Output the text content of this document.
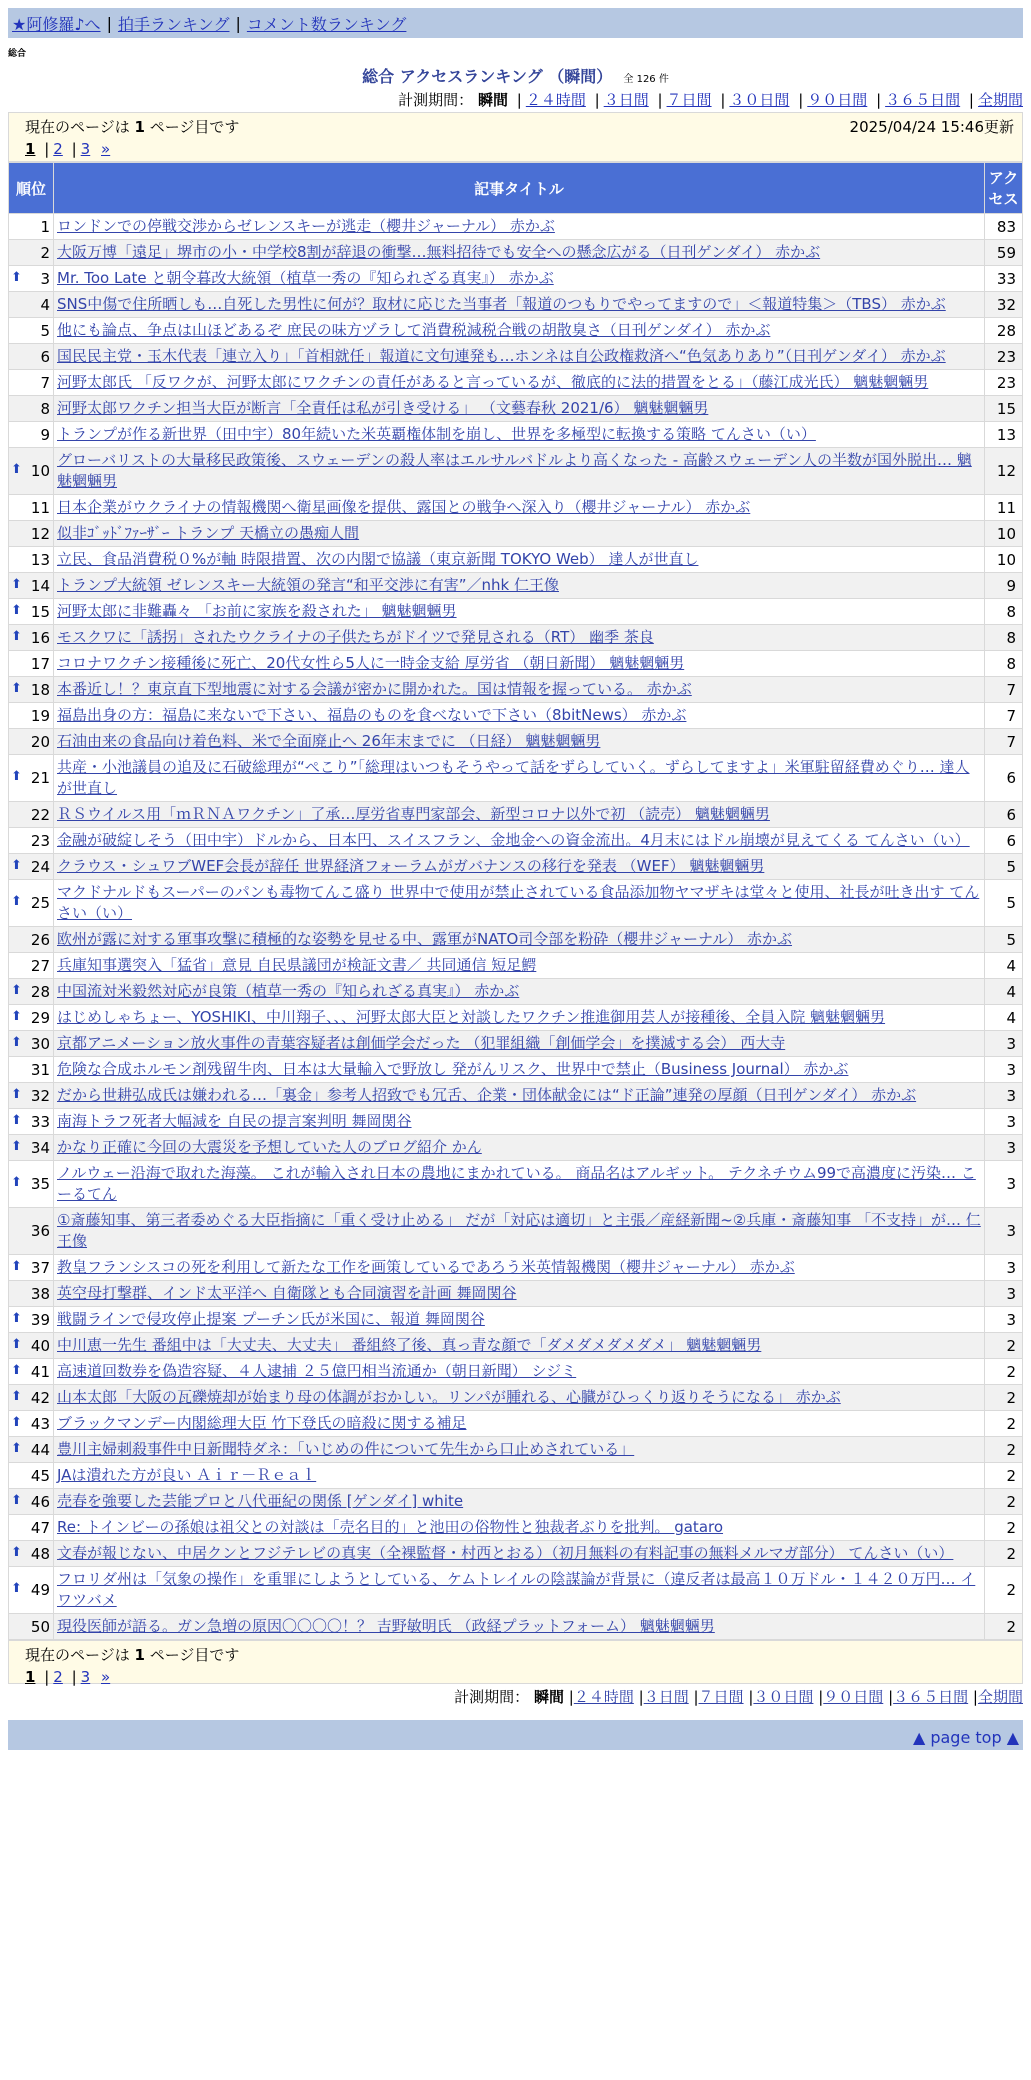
★阿修羅♪へ | 拍手ランキング | コメント数ランキング
総合
総合 アクセスランキング （瞬間） 全 126 件
計測期間： 瞬間 | ２４時間 | ３日間 | ７日間 | ３０日間 | ９０日間 | ３６５日間 | 全期間
現在のページは 1 ページ目です	2025/04/24 15:46更新
1 | 2 | 3 »
順位	記事タイトル	アクセス
1	ロンドンでの停戦交渉からゼレンスキーが逃走（櫻井ジャーナル） 赤かぶ	83
2	大阪万博「遠足」堺市の小・中学校8割が辞退の衝撃…無料招待でも安全への懸念広がる（日刊ゲンダイ） 赤かぶ	59

⬆ 3	Mr. Too Late と朝令暮改大統領（植草一秀の『知られざる真実』） 赤かぶ	33
4	SNS中傷で住所晒しも…自死した男性に何が？取材に応じた当事者「報道のつもりでやってますので」＜報道特集＞（TBS） 赤かぶ	32
5	他にも論点、争点は山ほどあるぞ 庶民の味方ヅラして消費税減税合戦の胡散臭さ（日刊ゲンダイ） 赤かぶ	28
6	国民民主党・玉木代表「連立入り」「首相就任」報道に文句連発も…ホンネは自公政権救済へ“色気ありあり”（日刊ゲンダイ） 赤かぶ	23
7	河野太郎氏 「反ワクが、河野太郎にワクチンの責任があると言っているが、徹底的に法的措置をとる」（藤江成光氏） 魑魅魍魎男	23
8	河野太郎ワクチン担当大臣が断言「全責任は私が引き受ける」 （文藝春秋 2021/6） 魑魅魍魎男	15
9	トランプが作る新世界（田中宇）80年続いた米英覇権体制を崩し、世界を多極型に転換する策略 てんさい（い）	13

⬆ 10	グローバリストの大量移民政策後、スウェーデンの殺人率はエルサルバドルより高くなった - 高齢スウェーデン人の半数が国外脱出… 魑魅魍魎男	12
11	日本企業がウクライナの情報機関へ衛星画像を提供、露国との戦争へ深入り（櫻井ジャーナル） 赤かぶ	11
12	似非ｺﾞｯﾄﾞﾌｧｰｻﾞｰ トランプ 天橋立の愚痴人間	10
13	立民、食品消費税０%が軸 時限措置、次の内閣で協議（東京新聞 TOKYO Web） 達人が世直し	10

⬆ 14	トランプ大統領 ゼレンスキー大統領の発言“和平交渉に有害”／nhk 仁王像	9

⬆ 15	河野太郎に非難轟々 「お前に家族を殺された」 魑魅魍魎男	8

⬆ 16	モスクワに「誘拐」されたウクライナの子供たちがドイツで発見される（RT） 幽季 茶良	8
17	コロナワクチン接種後に死亡、20代女性ら5人に一時金支給 厚労省 （朝日新聞） 魑魅魍魎男	8

⬆ 18	本番近し！？東京直下型地震に対する会議が密かに開かれた。国は情報を握っている。 赤かぶ	7
19	福島出身の方：福島に来ないで下さい、福島のものを食べないで下さい（8bitNews） 赤かぶ	7
20	石油由来の食品向け着色料、米で全面廃止へ 26年末までに （日経） 魑魅魍魎男	7

⬆ 21	共産・小池議員の追及に石破総理が“ぺこり”「総理はいつもそうやって話をずらしていく。ずらしてますよ」米軍駐留経費めぐり… 達人が世直し	6
22	ＲＳウイルス用「ｍＲＮＡワクチン」了承…厚労省専門家部会、新型コロナ以外で初 （読売） 魑魅魍魎男	6
23	金融が破綻しそう（田中宇）ドルから、日本円、スイスフラン、金地金への資金流出。4月末にはドル崩壊が見えてくる てんさい（い）	6

⬆ 24	クラウス・シュワブWEF会長が辞任 世界経済フォーラムがガバナンスの移行を発表 （WEF） 魑魅魍魎男	5

⬆ 25	マクドナルドもスーパーのパンも毒物てんこ盛り 世界中で使用が禁止されている食品添加物ヤマザキは堂々と使用、社長が吐き出す てんさい（い）	5
26	欧州が露に対する軍事攻撃に積極的な姿勢を見せる中、露軍がNATO司令部を粉砕（櫻井ジャーナル） 赤かぶ	5
27	兵庫知事選突入「猛省」意見 自民県議団が検証文書／ 共同通信 短足鰐	4

⬆ 28	中国流対米毅然対応が良策（植草一秀の『知られざる真実』） 赤かぶ	4

⬆ 29	はじめしゃちょー、YOSHIKI、中川翔子、、、河野太郎大臣と対談したワクチン推進御用芸人が接種後、全員入院 魑魅魍魎男	4

⬆ 30	京都アニメーション放火事件の青葉容疑者は創価学会だった （犯罪組織「創価学会」を撲滅する会） 西大寺	3
31	危険な合成ホルモン剤残留牛肉、日本は大量輸入で野放し 発がんリスク、世界中で禁止（Business Journal） 赤かぶ	3

⬆ 32	だから世耕弘成氏は嫌われる…「裏金」参考人招致でも冗舌、企業・団体献金には“ド正論”連発の厚顔（日刊ゲンダイ） 赤かぶ	3

⬆ 33	南海トラフ死者大幅減を 自民の提言案判明 舞岡関谷	3

⬆ 34	かなり正確に今回の大震災を予想していた人のブログ紹介 かん	3

⬆ 35	ノルウェー沿海で取れた海藻。 これが輸入され日本の農地にまかれている。 商品名はアルギット。 テクネチウム99で高濃度に汚染… こーるてん	3
36	①斎藤知事、第三者委めぐる大臣指摘に「重く受け止める」 だが「対応は適切」と主張／産経新聞~②兵庫・斎藤知事 「不支持」が… 仁王像	3

⬆ 37	教皇フランシスコの死を利用して新たな工作を画策しているであろう米英情報機関（櫻井ジャーナル） 赤かぶ	3
38	英空母打撃群、インド太平洋へ 自衛隊とも合同演習を計画 舞岡関谷	3

⬆ 39	戦闘ラインで侵攻停止提案 プーチン氏が米国に、報道 舞岡関谷	3

⬆ 40	中川恵一先生 番組中は「大丈夫、大丈夫」 番組終了後、真っ青な顔で「ダメダメダメダメ」 魑魅魍魎男	2

⬆ 41	高速道回数券を偽造容疑、４人逮捕 ２５億円相当流通か（朝日新聞） シジミ	2

⬆ 42	山本太郎「大阪の瓦礫焼却が始まり母の体調がおかしい。リンパが腫れる、心臓がひっくり返りそうになる」 赤かぶ	2

⬆ 43	ブラックマンデー内閣総理大臣 竹下登氏の暗殺に関する補足	2

⬆ 44	豊川主婦刺殺事件中日新聞特ダネ：「いじめの件について先生から口止めされている」	2
45	JAは潰れた方が良い Ａｉｒ－Ｒｅａｌ	2

⬆ 46	売春を強要した芸能プロと八代亜紀の関係 [ゲンダイ] white	2
47	Re: トインビーの孫娘は祖父との対談は「売名目的」と池田の俗物性と独裁者ぶりを批判。 gataro	2

⬆ 48	文春が報じない、中居クンとフジテレビの真実（全裸監督・村西とおる）（初月無料の有料記事の無料メルマガ部分） てんさい（い）	2

⬆ 49	フロリダ州は「気象の操作」を重罪にしようとしている、ケムトレイルの陰謀論が背景に（違反者は最高１０万ドル・１４２０万円… イワツバメ	2
50	現役医師が語る。ガン急増の原因〇〇〇〇！？ 吉野敏明氏 （政経プラットフォーム） 魑魅魍魎男	2
現在のページは 1 ページ目です
1 | 2 | 3 »
計測期間： 瞬間 |２４時間 |３日間 |７日間 |３０日間 |９０日間 |３６５日間 |全期間
▲ page top ▲
